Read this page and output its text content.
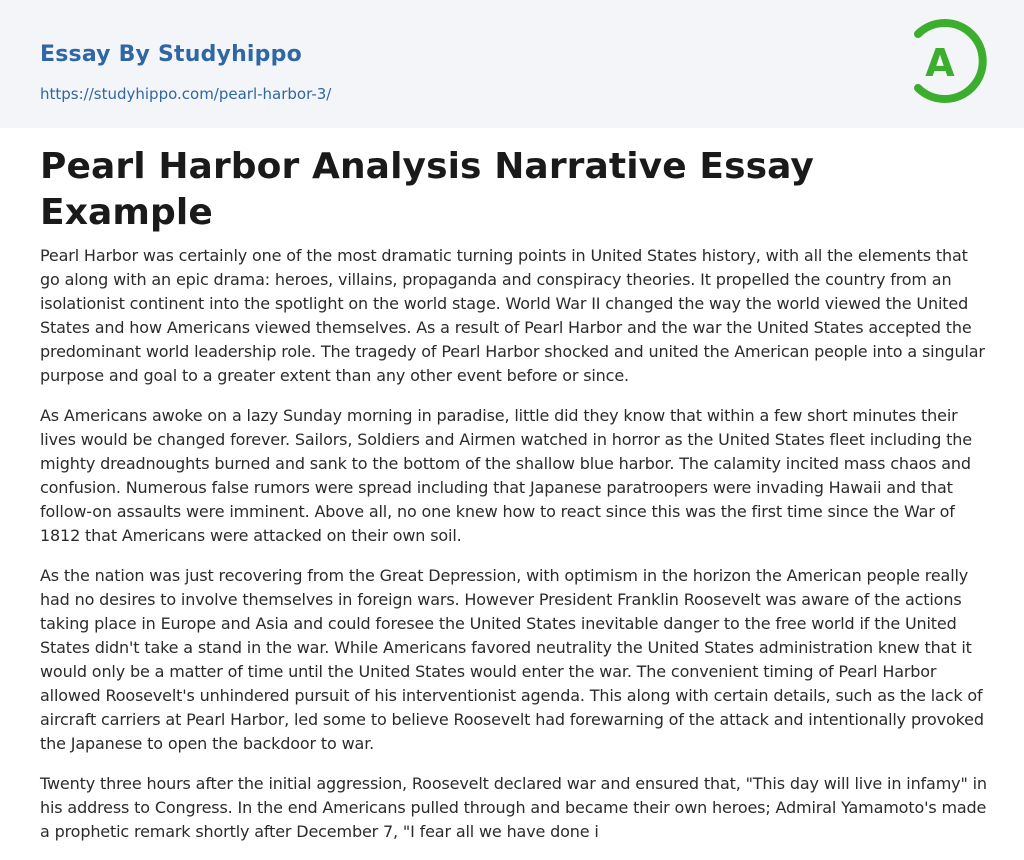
Essay By Studyhippo
https://studyhippo.com/pearl-harbor-3/
A
Pearl Harbor Analysis Narrative Essay Example

Pearl Harbor was certainly one of the most dramatic turning points in United States history, with all the elements that go along with an epic drama: heroes, villains, propaganda and conspiracy theories. It propelled the country from an isolationist continent into the spotlight on the world stage. World War II changed the way the world viewed the United States and how Americans viewed themselves. As a result of Pearl Harbor and the war the United States accepted the predominant world leadership role. The tragedy of Pearl Harbor shocked and united the American people into a singular purpose and goal to a greater extent than any other event before or since.

As Americans awoke on a lazy Sunday morning in paradise, little did they know that within a few short minutes their lives would be changed forever. Sailors, Soldiers and Airmen watched in horror as the United States fleet including the mighty dreadnoughts burned and sank to the bottom of the shallow blue harbor. The calamity incited mass chaos and confusion. Numerous false rumors were spread including that Japanese paratroopers were invading Hawaii and that follow-on assaults were imminent. Above all, no one knew how to react since this was the first time since the War of 1812 that Americans were attacked on their own soil.

As the nation was just recovering from the Great Depression, with optimism in the horizon the American people really had no desires to involve themselves in foreign wars. However President Franklin Roosevelt was aware of the actions taking place in Europe and Asia and could foresee the United States inevitable danger to the free world if the United States didn't take a stand in the war. While Americans favored neutrality the United States administration knew that it would only be a matter of time until the United States would enter the war. The convenient timing of Pearl Harbor allowed Roosevelt's unhindered pursuit of his interventionist agenda. This along with certain details, such as the lack of aircraft carriers at Pearl Harbor, led some to believe Roosevelt had forewarning of the attack and intentionally provoked the Japanese to open the backdoor to war.

Twenty three hours after the initial aggression, Roosevelt declared war and ensured that, "This day will live in infamy" in his address to Congress. In the end Americans pulled through and became their own heroes; Admiral Yamamoto's made a prophetic remark shortly after December 7, "I fear all we have done i
